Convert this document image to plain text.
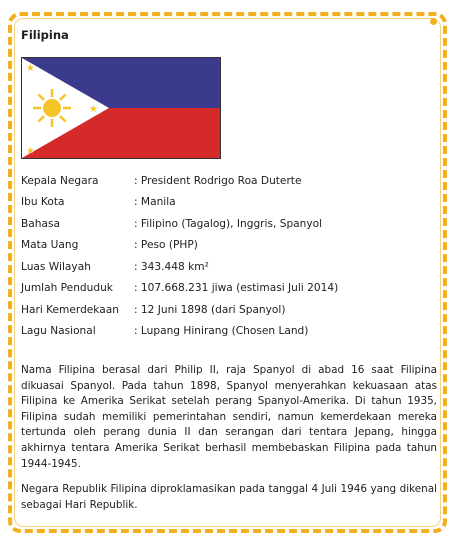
Filipina
★
★
★
Kepala Negara	: President Rodrigo Roa Duterte
Ibu Kota	: Manila
Bahasa	: Filipino (Tagalog), Inggris, Spanyol
Mata Uang	: Peso (PHP)
Luas Wilayah	: 343.448 km²
Jumlah Penduduk	: 107.668.231 jiwa (estimasi Juli 2014)
Hari Kemerdekaan	: 12 Juni 1898 (dari Spanyol)
Lagu Nasional	: Lupang Hinirang (Chosen Land)

Nama Filipina berasal dari Philip II, raja Spanyol di abad 16 saat Filipina dikuasai Spanyol. Pada tahun 1898, Spanyol menyerahkan kekuasaan atas Filipina ke Amerika Serikat setelah perang Spanyol-Amerika. Di tahun 1935, Filipina sudah memiliki pemerintahan sendiri, namun kemerdekaan mereka tertunda oleh perang dunia II dan serangan dari tentara Jepang, hingga akhirnya tentara Amerika Serikat berhasil membebaskan Filipina pada tahun 1944-1945.

Negara Republik Filipina diproklamasikan pada tanggal 4 Juli 1946 yang dikenal sebagai Hari Republik.
